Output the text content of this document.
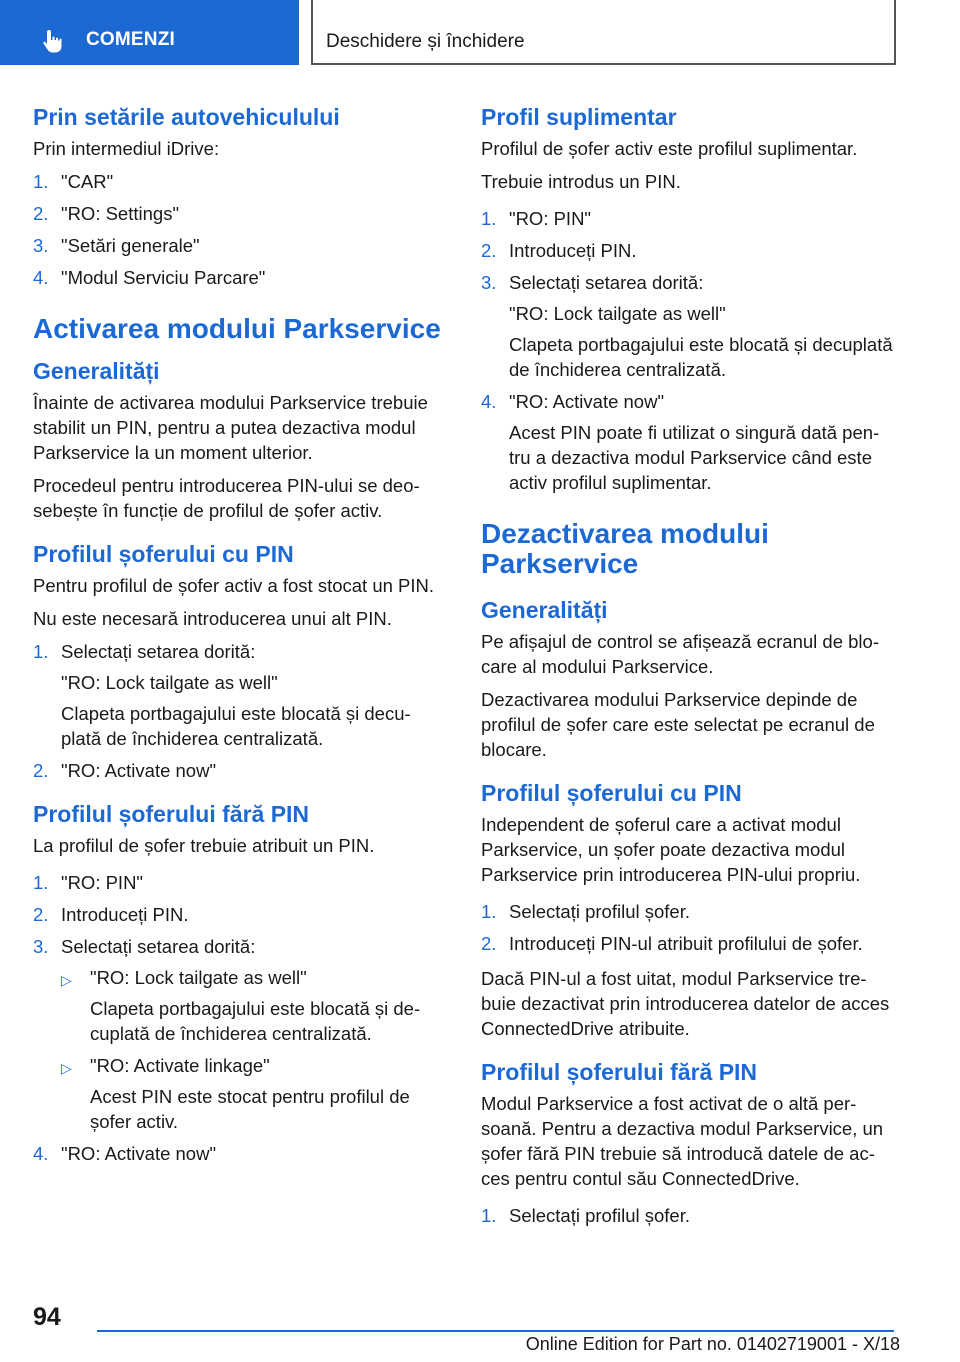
COMENZI	Deschidere și închidere
Prin setările autovehiculului
Prin intermediul iDrive:
1. "CAR"
2. "RO: Settings"
3. "Setări generale"
4. "Modul Serviciu Parcare"
Activarea modului Parkservice
Generalități
Înainte de activarea modului Parkservice trebuie stabilit un PIN, pentru a putea dezactiva modul Parkservice la un moment ulterior.
Procedeul pentru introducerea PIN-ului se deosebește în funcție de profilul de șofer activ.
Profilul șoferului cu PIN
Pentru profilul de șofer activ a fost stocat un PIN.
Nu este necesară introducerea unui alt PIN.
1. Selectați setarea dorită:
"RO: Lock tailgate as well"
Clapeta portbagajului este blocată și decuplată de închiderea centralizată.
2. "RO: Activate now"
Profilul șoferului fără PIN
La profilul de șofer trebuie atribuit un PIN.
1. "RO: PIN"
2. Introduceți PIN.
3. Selectați setarea dorită:
▷ "RO: Lock tailgate as well"
Clapeta portbagajului este blocată și decuplată de închiderea centralizată.
▷ "RO: Activate linkage"
Acest PIN este stocat pentru profilul de șofer activ.
4. "RO: Activate now"
Profil suplimentar
Profilul de șofer activ este profilul suplimentar.
Trebuie introdus un PIN.
1. "RO: PIN"
2. Introduceți PIN.
3. Selectați setarea dorită:
"RO: Lock tailgate as well"
Clapeta portbagajului este blocată și decuplată de închiderea centralizată.
4. "RO: Activate now"
Acest PIN poate fi utilizat o singură dată pentru a dezactiva modul Parkservice când este activ profilul suplimentar.
Dezactivarea modului Parkservice
Generalități
Pe afișajul de control se afișează ecranul de blocare al modului Parkservice.
Dezactivarea modului Parkservice depinde de profilul de șofer care este selectat pe ecranul de blocare.
Profilul șoferului cu PIN
Independent de șoferul care a activat modul Parkservice, un șofer poate dezactiva modul Parkservice prin introducerea PIN-ului propriu.
1. Selectați profilul șofer.
2. Introduceți PIN-ul atribuit profilului de șofer.
Dacă PIN-ul a fost uitat, modul Parkservice trebuie dezactivat prin introducerea datelor de acces ConnectedDrive atribuite.
Profilul șoferului fără PIN
Modul Parkservice a fost activat de o altă persoană. Pentru a dezactiva modul Parkservice, un șofer fără PIN trebuie să introducă datele de acces pentru contul său ConnectedDrive.
1. Selectați profilul șofer.
94
Online Edition for Part no. 01402719001 - X/18
